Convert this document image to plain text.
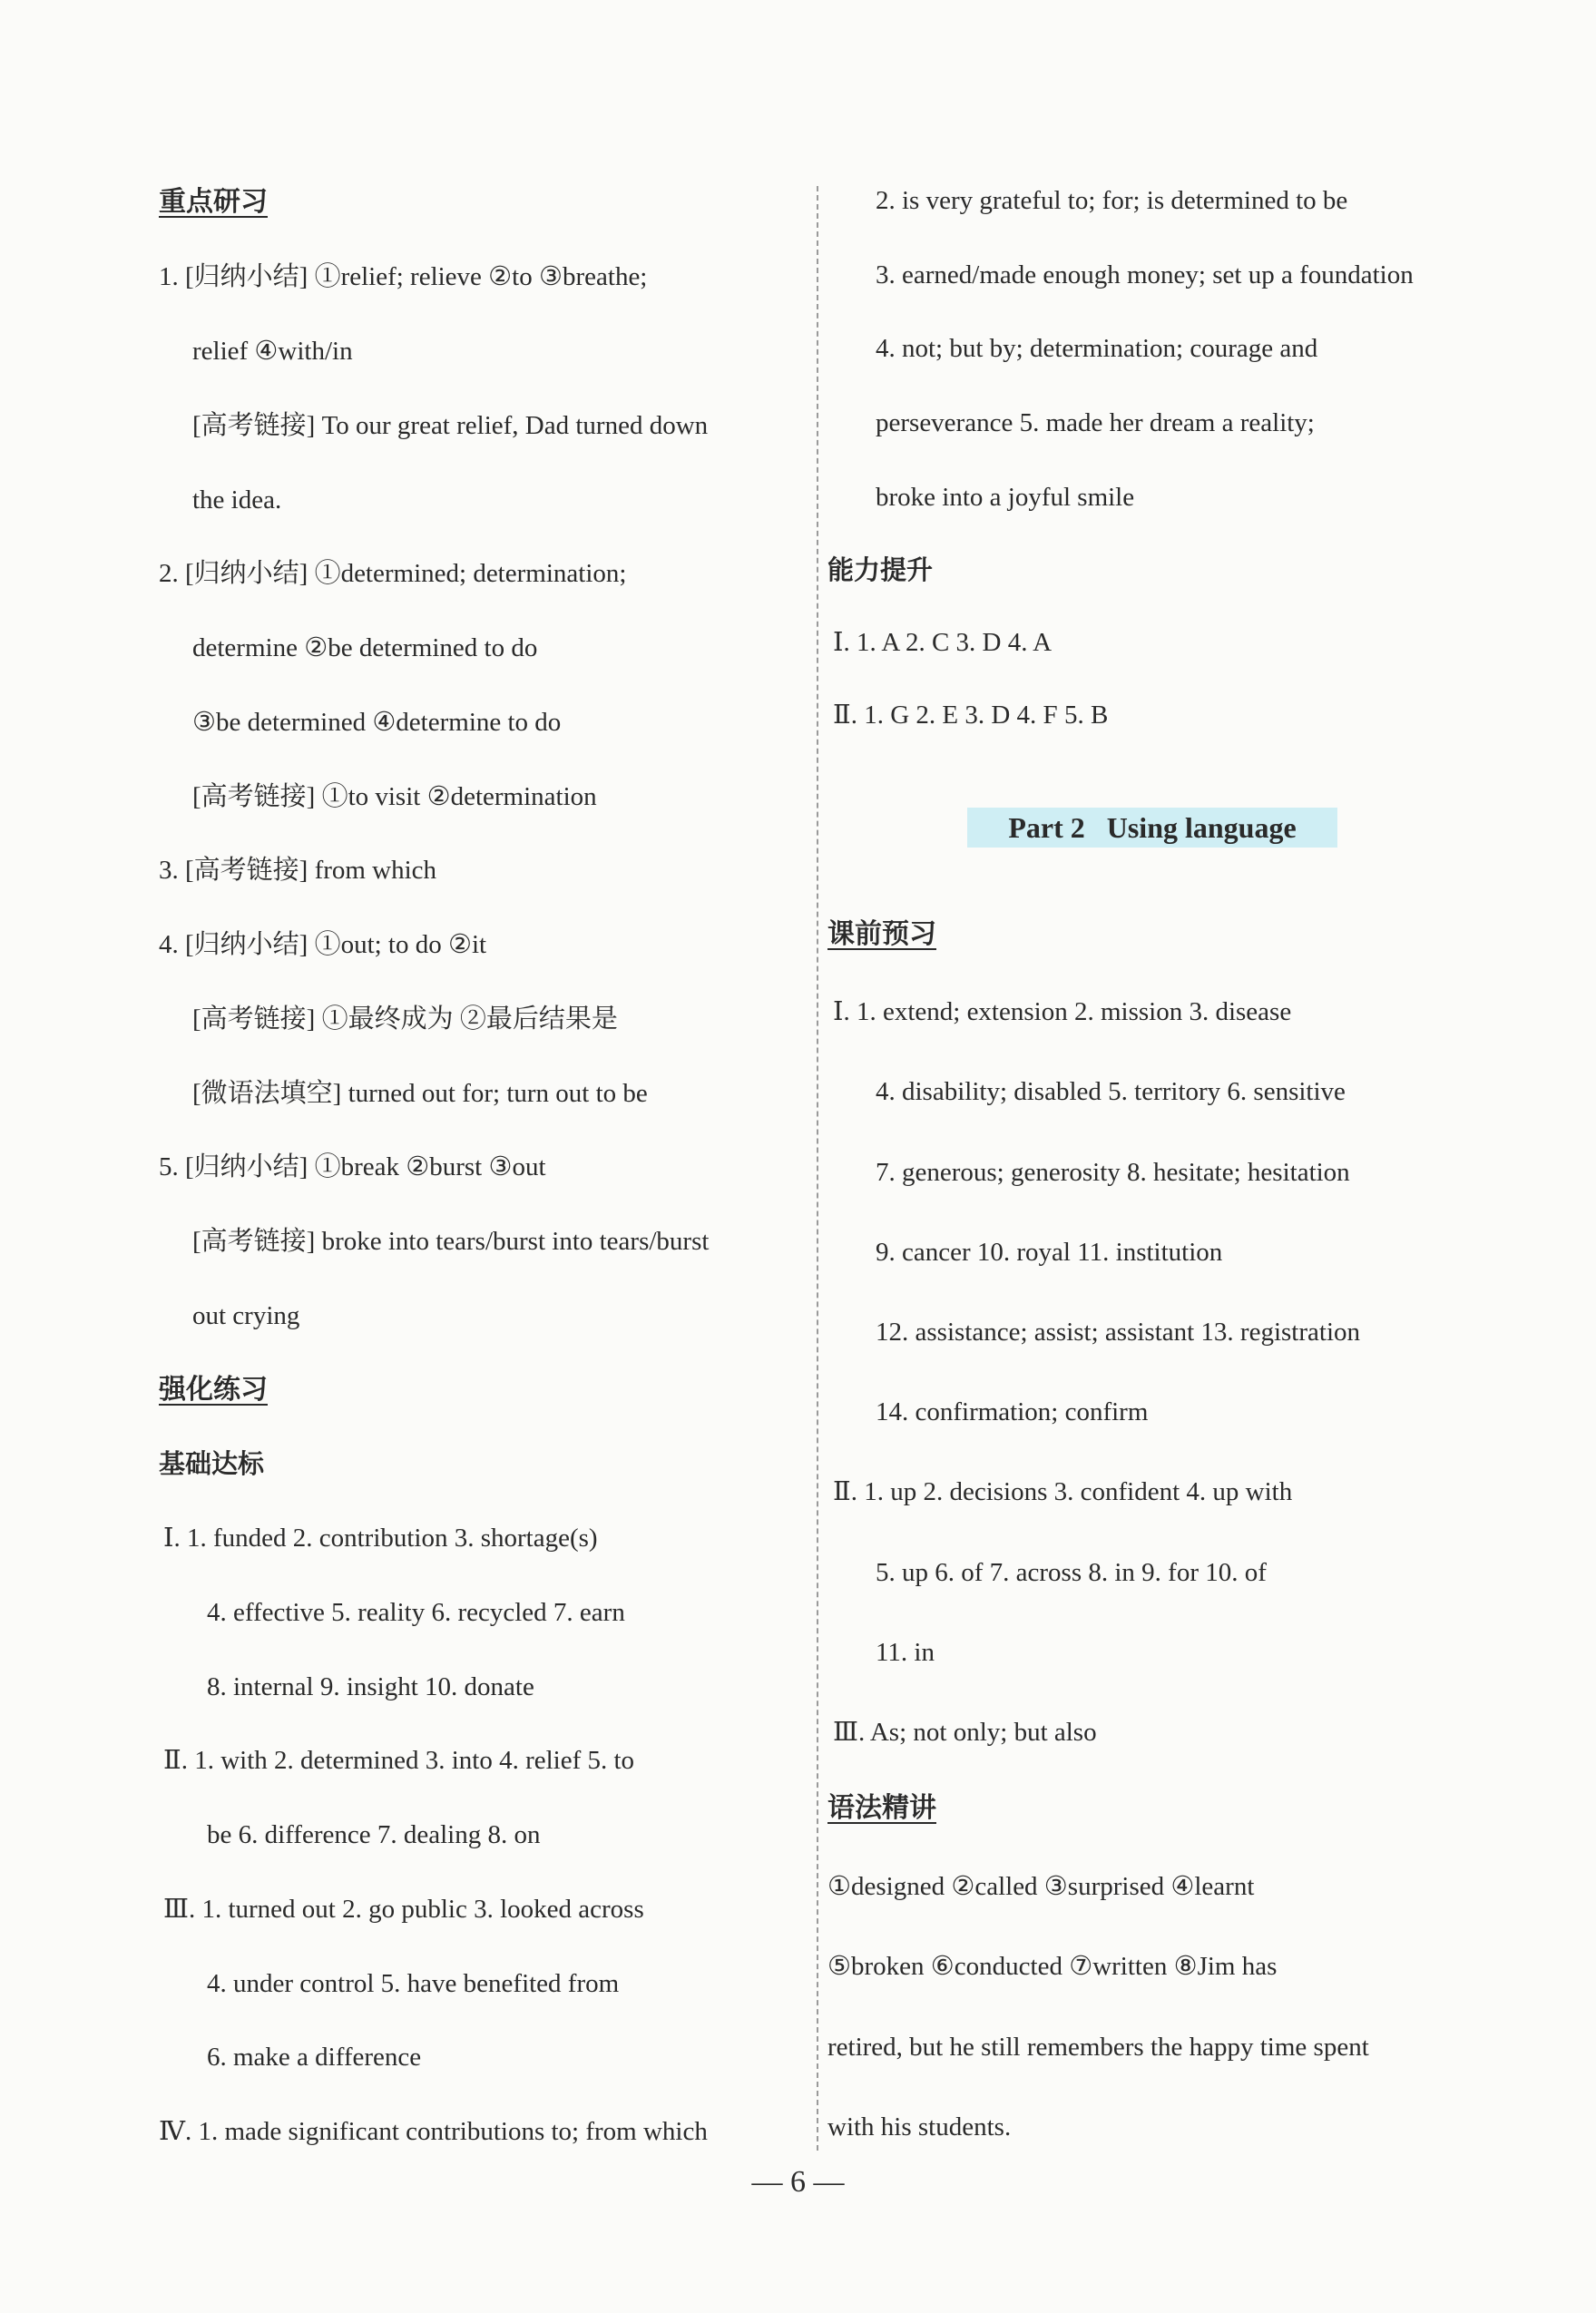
重点研习
1. [归纳小结] ①relief; relieve ②to ③breathe;
relief ④with/in
[高考链接] To our great relief, Dad turned down
the idea.
2. [归纳小结] ①determined; determination;
determine ②be determined to do
③be determined ④determine to do
[高考链接] ①to visit ②determination
3. [高考链接] from which
4. [归纳小结] ①out; to do ②it
[高考链接] ①最终成为 ②最后结果是
[微语法填空] turned out for; turn out to be
5. [归纳小结] ①break ②burst ③out
[高考链接] broke into tears/burst into tears/burst
out crying
强化练习
基础达标
Ⅰ. 1. funded 2. contribution 3. shortage(s)
4. effective 5. reality 6. recycled 7. earn
8. internal 9. insight 10. donate
Ⅱ. 1. with 2. determined 3. into 4. relief 5. to
be 6. difference 7. dealing 8. on
Ⅲ. 1. turned out 2. go public 3. looked across
4. under control 5. have benefited from
6. make a difference
Ⅳ. 1. made significant contributions to; from which
2. is very grateful to; for; is determined to be
3. earned/made enough money; set up a foundation
4. not; but by; determination; courage and
perseverance 5. made her dream a reality;
broke into a joyful smile
能力提升
Ⅰ. 1. A 2. C 3. D 4. A
Ⅱ. 1. G 2. E 3. D 4. F 5. B
Part 2   Using language
课前预习
Ⅰ. 1. extend; extension 2. mission 3. disease
4. disability; disabled 5. territory 6. sensitive
7. generous; generosity 8. hesitate; hesitation
9. cancer 10. royal 11. institution
12. assistance; assist; assistant 13. registration
14. confirmation; confirm
Ⅱ. 1. up 2. decisions 3. confident 4. up with
5. up 6. of 7. across 8. in 9. for 10. of
11. in
Ⅲ. As; not only; but also
语法精讲
①designed ②called ③surprised ④learnt
⑤broken ⑥conducted ⑦written ⑧Jim has
retired, but he still remembers the happy time spent
with his students.
— 6 —
